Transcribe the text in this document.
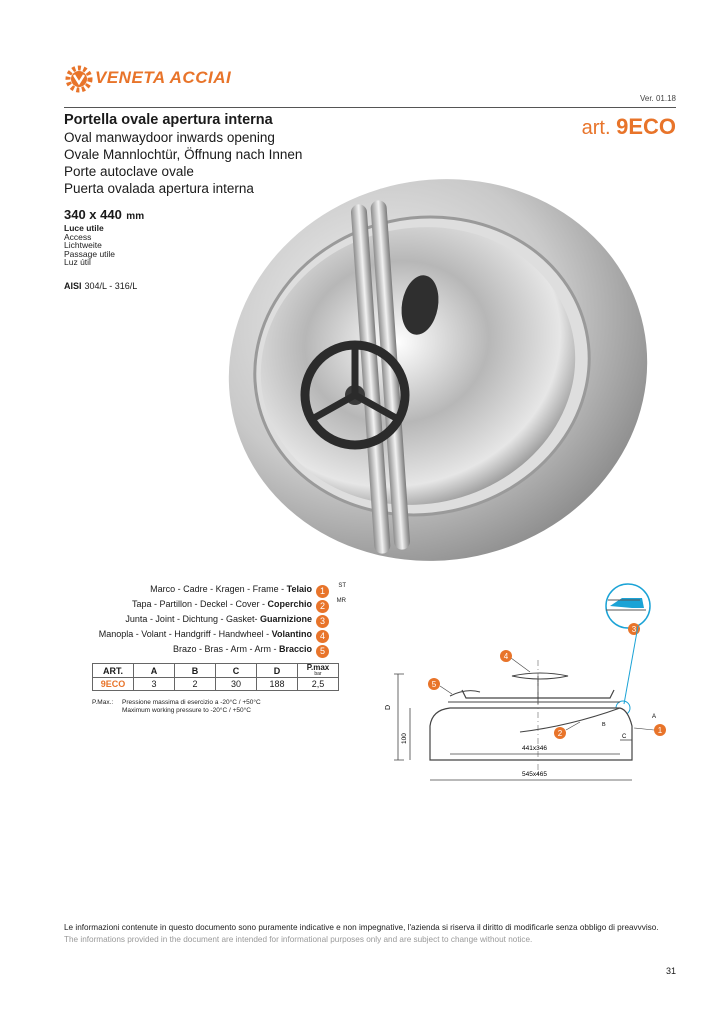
VENETA ACCIAI
Ver. 01.18
Portella ovale apertura interna
Oval manwaydoor inwards opening
Ovale Mannlochtür, Öffnung nach Innen
Porte autoclave ovale
Puerta ovalada apertura interna
art. 9ECO
340 x 440 mm
Luce utile
Access
Lichtweite
Passage utile
Luz útil
AISI 304/L - 316/L
Marco - Cadre - Kragen - Frame - Telaio 1	ST
Tapa - Partillon - Deckel - Cover - Coperchio 2	MR
Junta - Joint - Dichtung - Gasket- Guarnizione 3
Manopla - Volant - Handgriff - Handwheel - Volantino 4
Brazo - Bras - Arm - Arm - Braccio 5
ART.	A	B	C	D	P.max
bar

9ECO	3	2	30	188	2,5
P.Max.: Pressione massima di esercizio a -20°C / +50°C
Maximum working pressure to -20°C / +50°C
3
D
100
441x346
545x465
C
A
B
4
5
2	1
Le informazioni contenute in questo documento sono puramente indicative e non impegnative, l'azienda si riserva il diritto di modificarle senza obbligo di preavvviso.
The informations provided in the document are intended for informational purposes only and are subject to change without notice.
31
